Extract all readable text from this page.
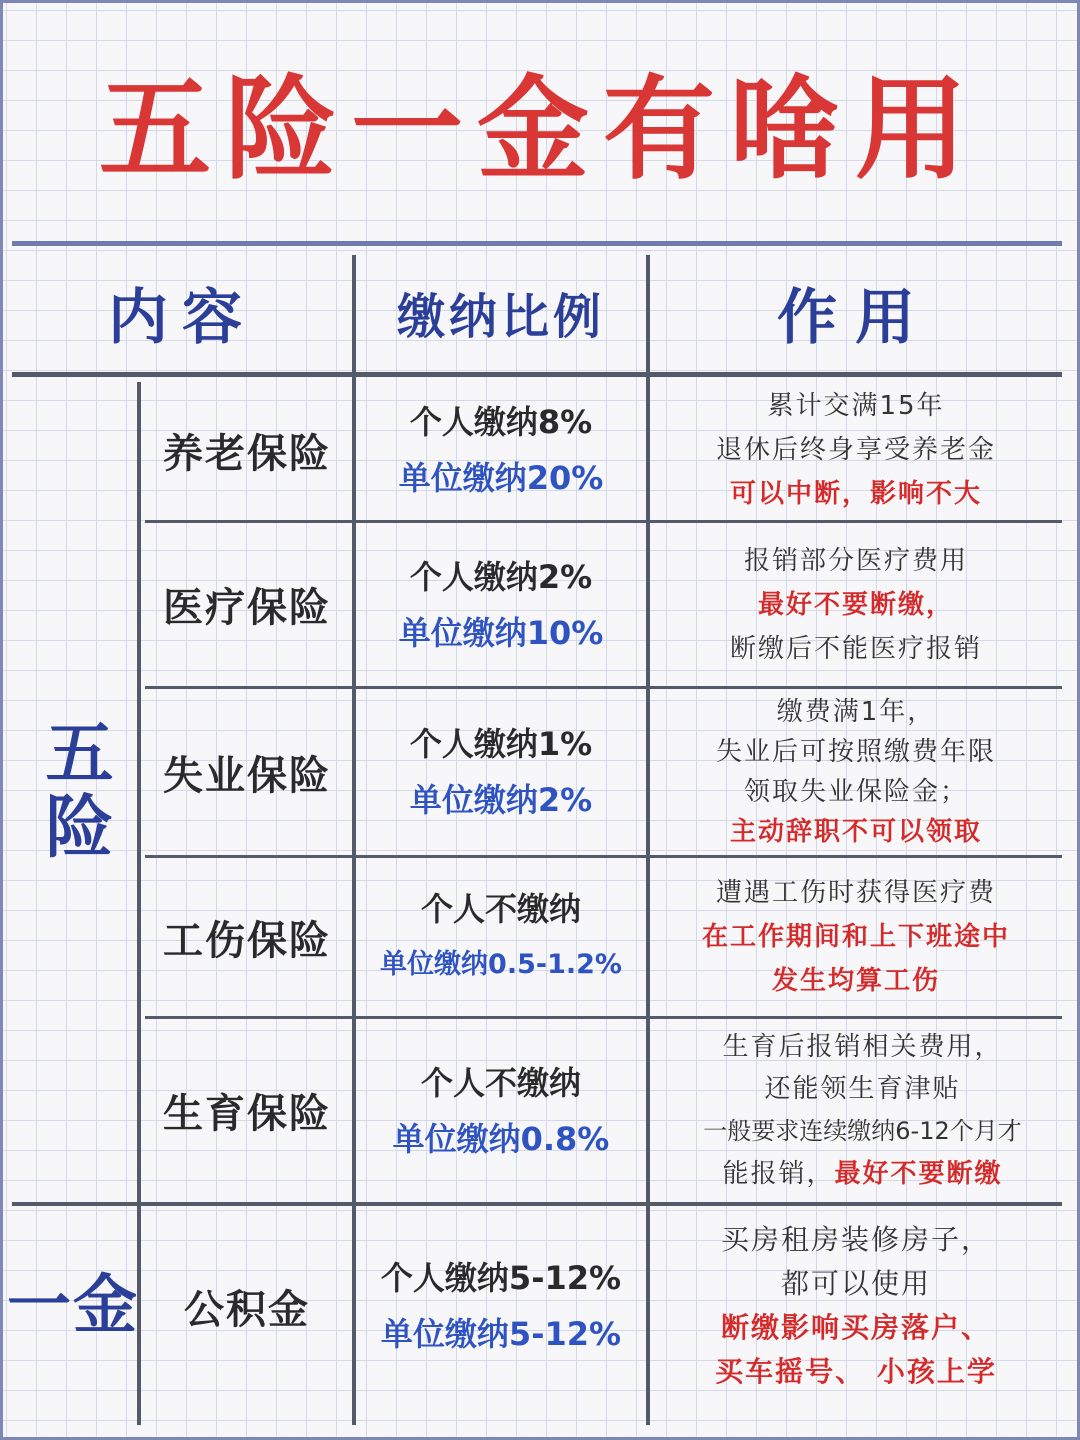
五险一金有啥用
内容	缴纳比例	作用
五险
一金
养老保险
医疗保险
失业保险
工伤保险
生育保险
公积金
个人缴纳8%
单位缴纳20%
个人缴纳2%
单位缴纳10%
个人缴纳1%
单位缴纳2%
个人不缴纳
单位缴纳0.5-1.2%
个人不缴纳
单位缴纳0.8%
个人缴纳5-12%
单位缴纳5-12%
累计交满15年
退休后终身享受养老金
可以中断，影响不大
报销部分医疗费用
最好不要断缴，
断缴后不能医疗报销
缴费满1年，
失业后可按照缴费年限
领取失业保险金；
主动辞职不可以领取
遭遇工伤时获得医疗费
在工作期间和上下班途中
发生均算工伤
生育后报销相关费用，
还能领生育津贴
一般要求连续缴纳6-12个月才
能报销，最好不要断缴
买房租房装修房子，
都可以使用
断缴影响买房落户、
买车摇号、 小孩上学
